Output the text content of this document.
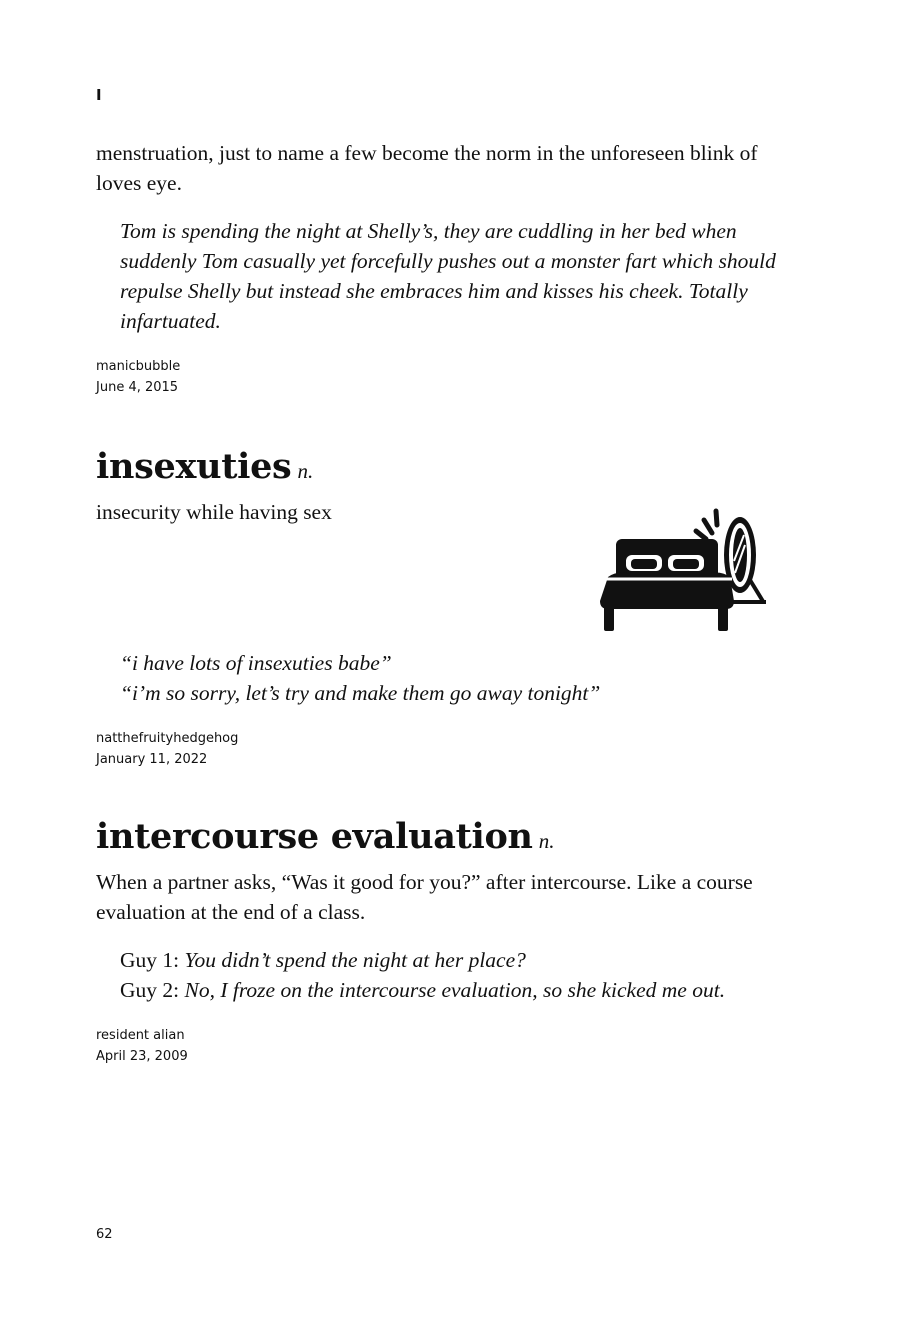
I

menstruation, just to name a few become the norm in the unforeseen blink of loves eye.

Tom is spending the night at Shelly’s, they are cuddling in her bed when suddenly Tom casually yet forcefully pushes out a monster fart which should repulse Shelly but instead she embraces him and kisses his cheek. Totally infartuated.

manicbubble
June 4, 2015

insexuties n.

insecurity while having sex

“i have lots of insexuties babe”

“i’m so sorry, let’s try and make them go away tonight”

natthefruityhedgehog
January 11, 2022

intercourse evaluation n.

When a partner asks, “Was it good for you?” after intercourse. Like a course evaluation at the end of a class.

Guy 1: You didn’t spend the night at her place?

Guy 2: No, I froze on the intercourse evaluation, so she kicked me out.

resident alian
April 23, 2009
62
